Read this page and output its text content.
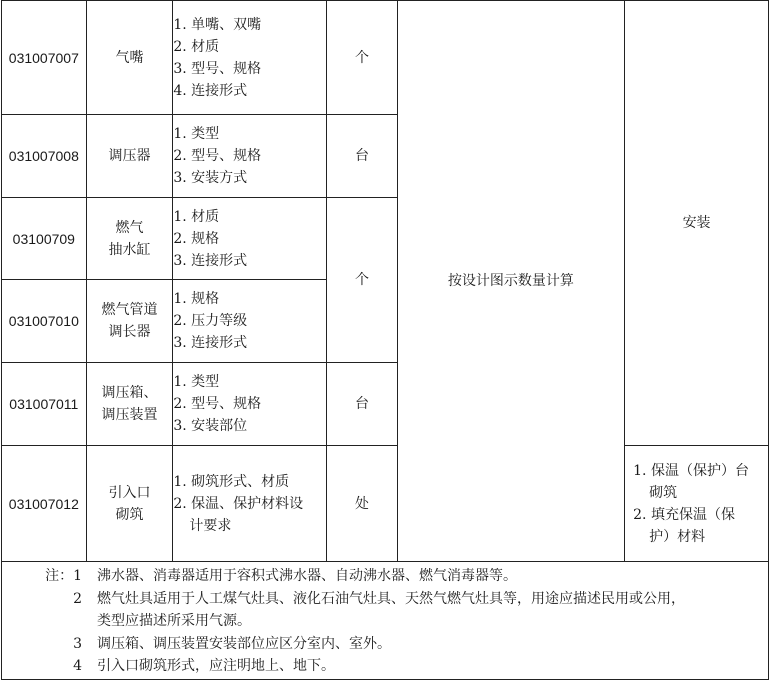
031007007	气嘴	1. 单嘴、双嘴
2. 材质
3. 型号、规格
4. 连接形式	个	按设计图示数量计算	安装
031007008	调压器	1. 类型
2. 型号、规格
3. 安装方式	台		
03100709	燃气
抽水缸	1. 材质
2. 规格
3. 连接形式	个		
031007010	燃气管道
调长器	1. 规格
2. 压力等级
3. 连接形式			

031007011	调压箱、
调压装置	1. 类型
2. 型号、规格
3. 安装部位	台		
031007012	引入口
砌筑	1. 砌筑形式、材质
2. 保温、保护材料设
计要求	处		1. 保温（保护）台
砌筑
2. 填充保温（保
护）材料
注：1 沸水器、消毒器适用于容积式沸水器、自动沸水器、燃气消毒器等。
2 燃气灶具适用于人工煤气灶具、液化石油气灶具、天然气燃气灶具等，用途应描述民用或公用，
类型应描述所采用气源。
3 调压箱、调压装置安装部位应区分室内、室外。
4 引入口砌筑形式，应注明地上、地下。
